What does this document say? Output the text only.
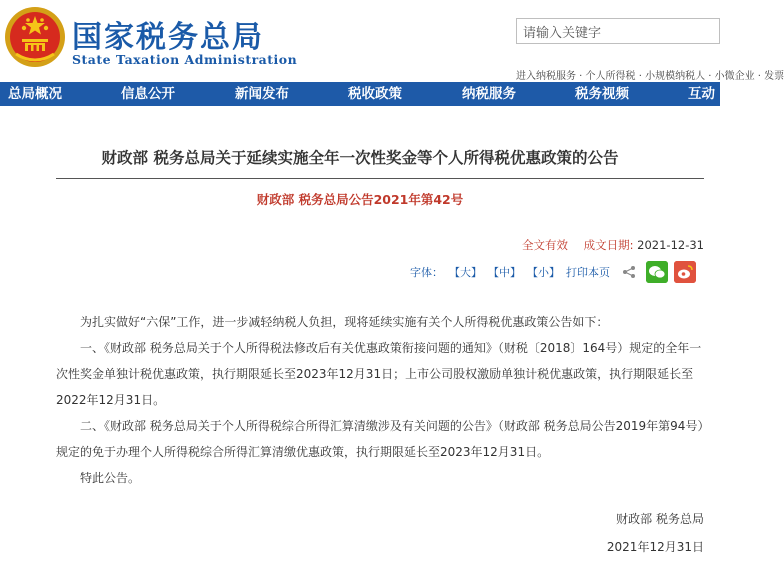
国家税务总局
State Taxation Administration
请输入关键字
进入纳税服务 · 个人所得税 · 小规模纳税人 · 小微企业 · 发票
总局概况	信息公开	新闻发布	税收政策	纳税服务	税务视频	互动
财政部 税务总局关于延续实施全年一次性奖金等个人所得税优惠政策的公告
财政部 税务总局公告2021年第42号
全文有效 成文日期: 2021-12-31
字体： 【大】 【中】 【小】 打印本页

为扎实做好“六保”工作，进一步减轻纳税人负担，现将延续实施有关个人所得税优惠政策公告如下：

一、《财政部 税务总局关于个人所得税法修改后有关优惠政策衔接问题的通知》（财税〔2018〕164号）规定的全年一次性奖金单独计税优惠政策，执行期限延长至2023年12月31日；上市公司股权激励单独计税优惠政策，执行期限延长至2022年12月31日。

二、《财政部 税务总局关于个人所得税综合所得汇算清缴涉及有关问题的公告》（财政部 税务总局公告2019年第94号）规定的免于办理个人所得税综合所得汇算清缴优惠政策，执行期限延长至2023年12月31日。

特此公告。

财政部 税务总局
2021年12月31日
